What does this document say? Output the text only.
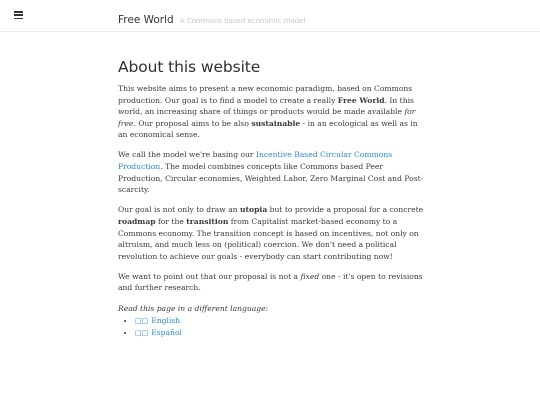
Free World A Commons based economic model
About this website

This website aims to present a new economic paradigm, based on Commons production. Our goal is to find a model to create a really Free World. In this world, an increasing share of things or products would be made available for free. Our proposal aims to be also sustainable - in an ecological as well as in an economical sense.

We call the model we're basing our Incentive Based Circular Commons Production. The model combines concepts like Commons based Peer Production, Circular economies, Weighted Labor, Zero Marginal Cost and Post-scarcity.

Our goal is not only to draw an utopia but to provide a proposal for a concrete roadmap for the transition from Capitalist market-based economy to a Commons economy. The transition concept is based on incentives, not only on altruism, and much less on (political) coercion. We don't need a political revolution to achieve our goals - everybody can start contributing now!

We want to point out that our proposal is not a fixed one - it's open to revisions and further research.

Read this page in a different language:
• □□ English
• □□ Español
